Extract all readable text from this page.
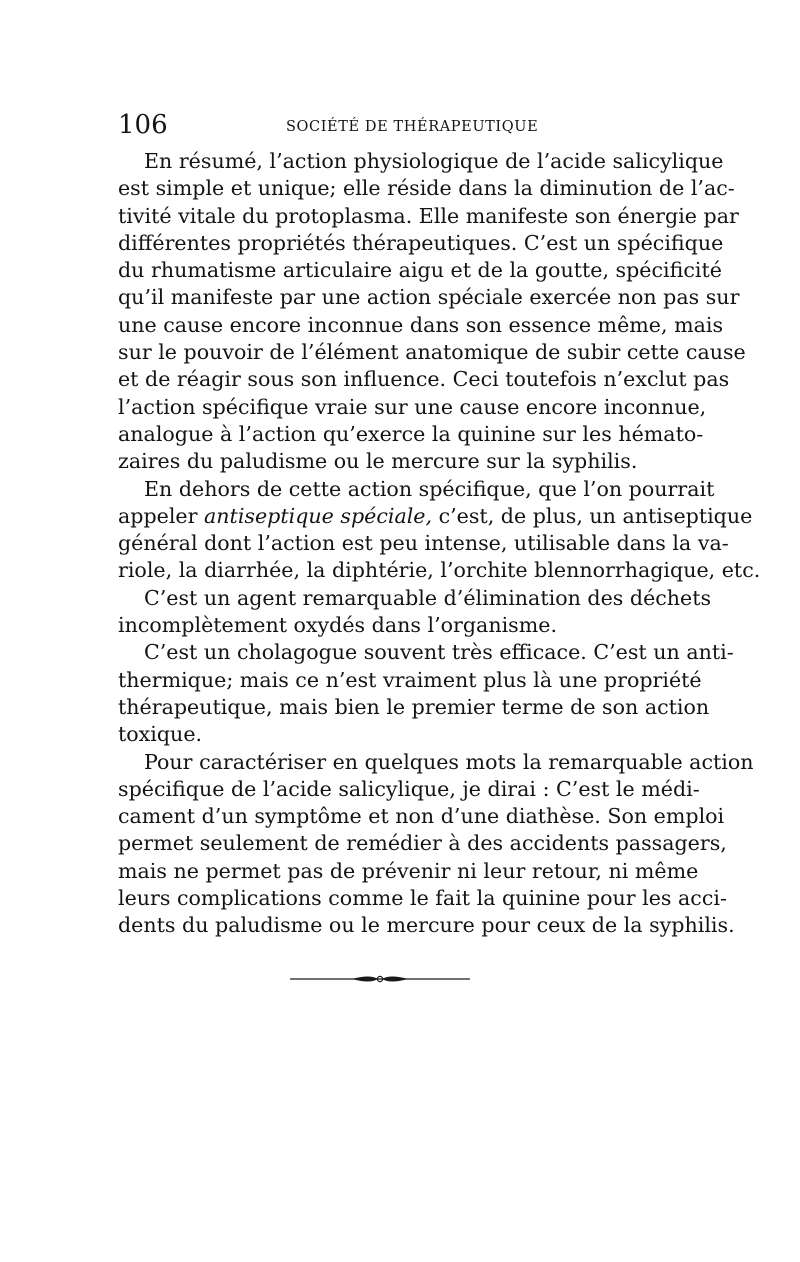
106	SOCIÉTÉ DE THÉRAPEUTIQUE
En résumé, l’action physiologique de l’acide salicylique
est simple et unique; elle réside dans la diminution de l’ac-
tivité vitale du protoplasma. Elle manifeste son énergie par
différentes propriétés thérapeutiques. C’est un spécifique
du rhumatisme articulaire aigu et de la goutte, spécificité
qu’il manifeste par une action spéciale exercée non pas sur
une cause encore inconnue dans son essence même, mais
sur le pouvoir de l’élément anatomique de subir cette cause
et de réagir sous son influence. Ceci toutefois n’exclut pas
l’action spécifique vraie sur une cause encore inconnue,
analogue à l’action qu’exerce la quinine sur les hémato-
zaires du paludisme ou le mercure sur la syphilis.
En dehors de cette action spécifique, que l’on pourrait
appeler antiseptique spéciale, c’est, de plus, un antiseptique
général dont l’action est peu intense, utilisable dans la va-
riole, la diarrhée, la diphtérie, l’orchite blennorrhagique, etc.
C’est un agent remarquable d’élimination des déchets
incomplètement oxydés dans l’organisme.
C’est un cholagogue souvent très efficace. C’est un anti-
thermique; mais ce n’est vraiment plus là une propriété
thérapeutique, mais bien le premier terme de son action
toxique.
Pour caractériser en quelques mots la remarquable action
spécifique de l’acide salicylique, je dirai : C’est le médi-
cament d’un symptôme et non d’une diathèse. Son emploi
permet seulement de remédier à des accidents passagers,
mais ne permet pas de prévenir ni leur retour, ni même
leurs complications comme le fait la quinine pour les acci-
dents du paludisme ou le mercure pour ceux de la syphilis.
